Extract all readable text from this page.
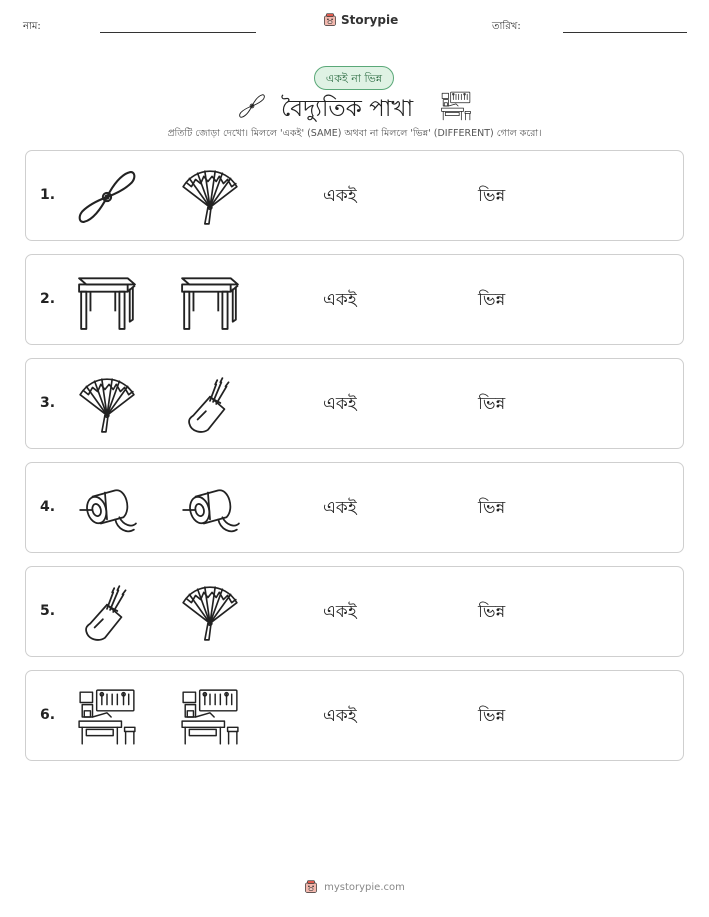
নাম:	Storypie	তারিখ:
একই না ভিন্ন
বৈদ্যুতিক পাখা
প্রতিটি জোড়া দেখো। মিললে 'একই' (SAME) অথবা না মিললে 'ভিন্ন' (DIFFERENT) গোল করো।
1.	একই	ভিন্ন
2.	একই	ভিন্ন
3.	একই	ভিন্ন
4.	একই	ভিন্ন
5.	একই	ভিন্ন
6.	একই	ভিন্ন
mystorypie.com
